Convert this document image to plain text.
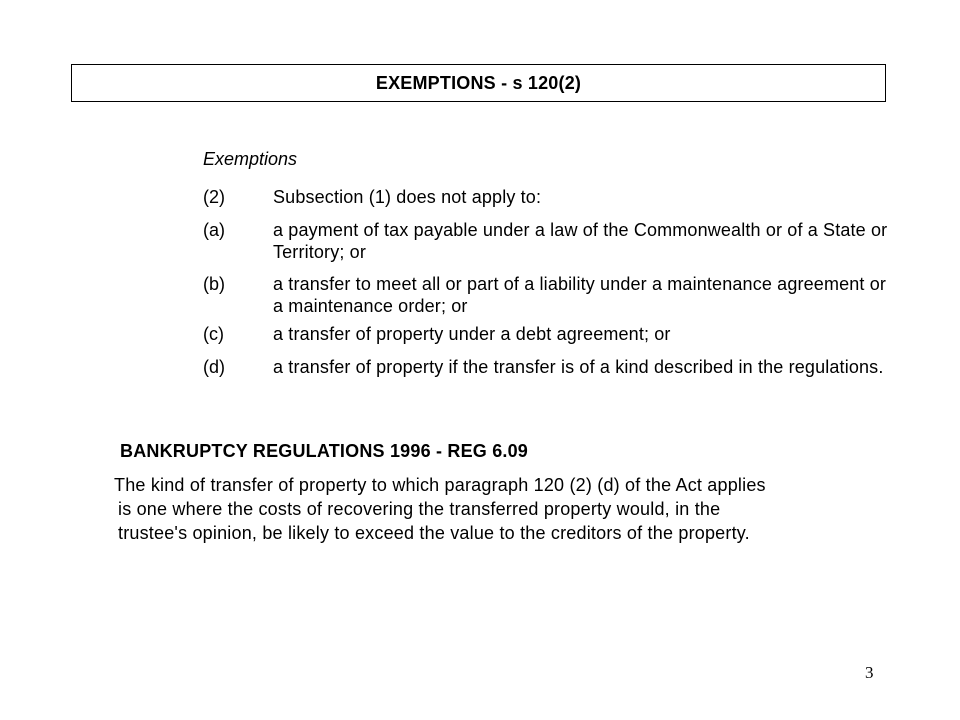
EXEMPTIONS - s 120(2)
Exemptions
(2)	Subsection (1) does not apply to:
(a)	a payment of tax payable under a law of the Commonwealth or of a State or Territory; or
(b)	a transfer to meet all or part of a liability under a maintenance agreement or a maintenance order; or
(c)	a transfer of property under a debt agreement; or
(d)	a transfer of property if the transfer is of a kind described in the regulations.
BANKRUPTCY REGULATIONS 1996 - REG 6.09
The kind of transfer of property to which paragraph 120 (2) (d) of the Act applies
is one where the costs of recovering the transferred property would, in the
trustee's opinion, be likely to exceed the value to the creditors of the property.
3
